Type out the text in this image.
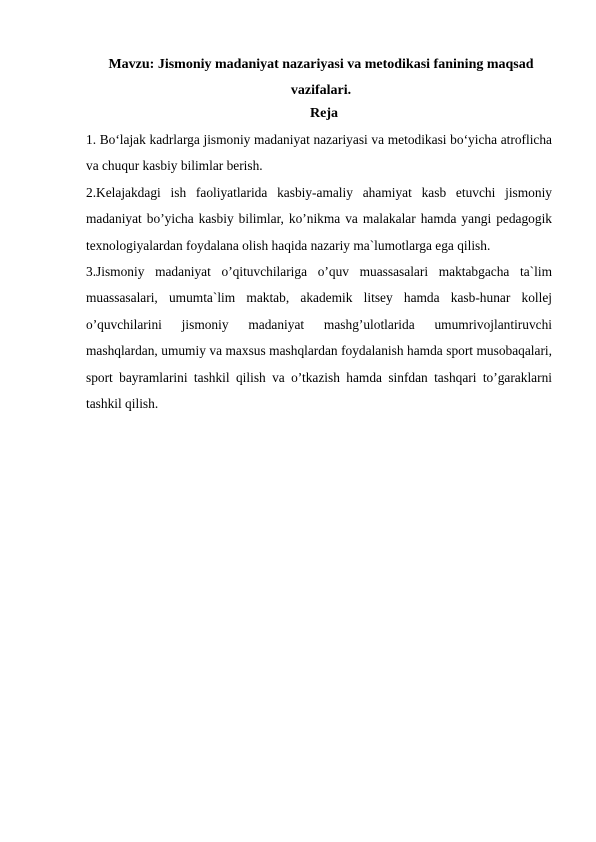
Mavzu: Jismoniy madaniyat nazariyasi va metodikasi fanining maqsad vazifalari.

Reja

1. Bo‘lajak kadrlarga jismoniy madaniyat nazariyasi va metodikasi bo‘yicha atroflicha va chuqur kasbiy bilimlar berish.

2.Kelajakdagi ish faoliyatlarida kasbiy-amaliy ahamiyat kasb etuvchi jismoniy madaniyat bo’yicha kasbiy bilimlar, ko’nikma va malakalar hamda yangi pedagogik texnologiyalardan foydalana olish haqida nazariy ma`lumotlarga ega qilish.

3.Jismoniy madaniyat o’qituvchilariga o’quv muassasalari maktabgacha ta`lim muassasalari, umumta`lim maktab, akademik litsey hamda kasb-hunar kollej o’quvchilarini jismoniy madaniyat mashg’ulotlarida umumrivojlantiruvchi mashqlardan, umumiy va maxsus mashqlardan foydalanish hamda sport musobaqalari, sport bayramlarini tashkil qilish va o’tkazish hamda sinfdan tashqari to’garaklarni tashkil qilish.
